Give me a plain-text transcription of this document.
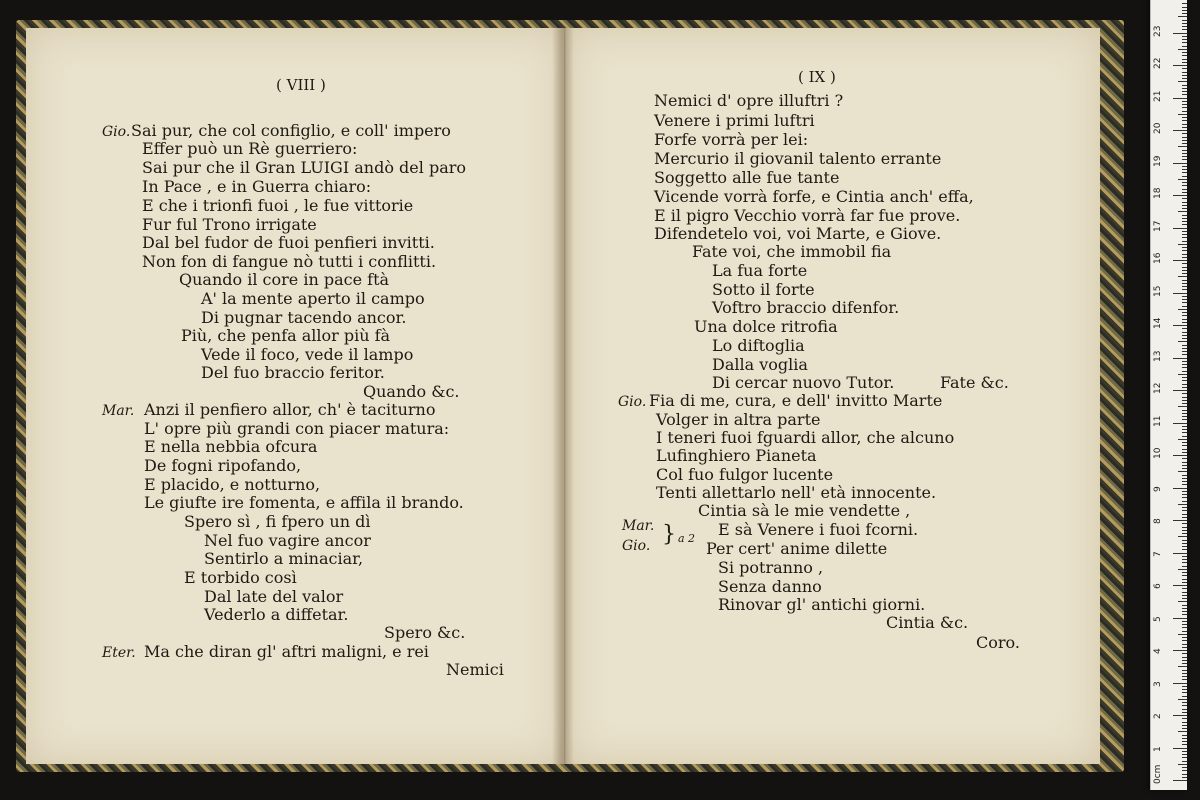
( VIII )
Gio. Sai pur, che col configlio, e coll' impero
Effer può un Rè guerriero:
Sai pur che il Gran LUIGI andò del paro
In Pace , e in Guerra chiaro:
E che i trionfi fuoi , le fue vittorie
Fur ful Trono irrigate
Dal bel fudor de fuoi penfieri invitti.
Non fon di fangue nò tutti i conflitti.
Quando il core in pace ftà
A' la mente aperto il campo
Di pugnar tacendo ancor.
Più, che penfa allor più fà
Vede il foco, vede il lampo
Del fuo braccio feritor.
Quando &c.
Mar. Anzi il penfiero allor, ch' è taciturno
L' opre più grandi con piacer matura:
E nella nebbia ofcura
De fogni ripofando,
E placido, e notturno,
Le giufte ire fomenta, e affila il brando.
Spero sì , fi fpero un dì
Nel fuo vagire ancor
Sentirlo a minaciar,
E torbido così
Dal late del valor
Vederlo a diffetar.
Spero &c.
Eter. Ma che diran gl' aftri maligni, e rei
Nemici
( IX )
Nemici d' opre illuftri ?
Venere i primi luftri
Forfe vorrà per lei:
Mercurio il giovanil talento errante
Soggetto alle fue tante
Vicende vorrà forfe, e Cintia anch' effa,
E il pigro Vecchio vorrà far fue prove.
Difendetelo voi, voi Marte, e Giove.
Fate voi, che immobil fia
La fua forte
Sotto il forte
Voftro braccio difenfor.
Una dolce ritrofia
Lo diftoglia
Dalla voglia
Di cercar nuovo Tutor.	Fate &c.
Gio. Fia di me, cura, e dell' invitto Marte
Volger in altra parte
I teneri fuoi fguardi allor, che alcuno
Lufinghiero Pianeta
Col fuo fulgor lucente
Tenti allettarlo nell' età innocente.
Cintia sà le mie vendette ,
E sà Venere i fuoi fcorni.
Per cert' anime dilette
Si potranno ,
Senza danno
Rinovar gl' antichi giorni.
Cintia &c.
Coro.
Mar.
Gio. } a 2
0cm
1
2
3
4
5
6
7
8
9
10
11
12
13
14
15
16
17
18
19
20
21
22
23
